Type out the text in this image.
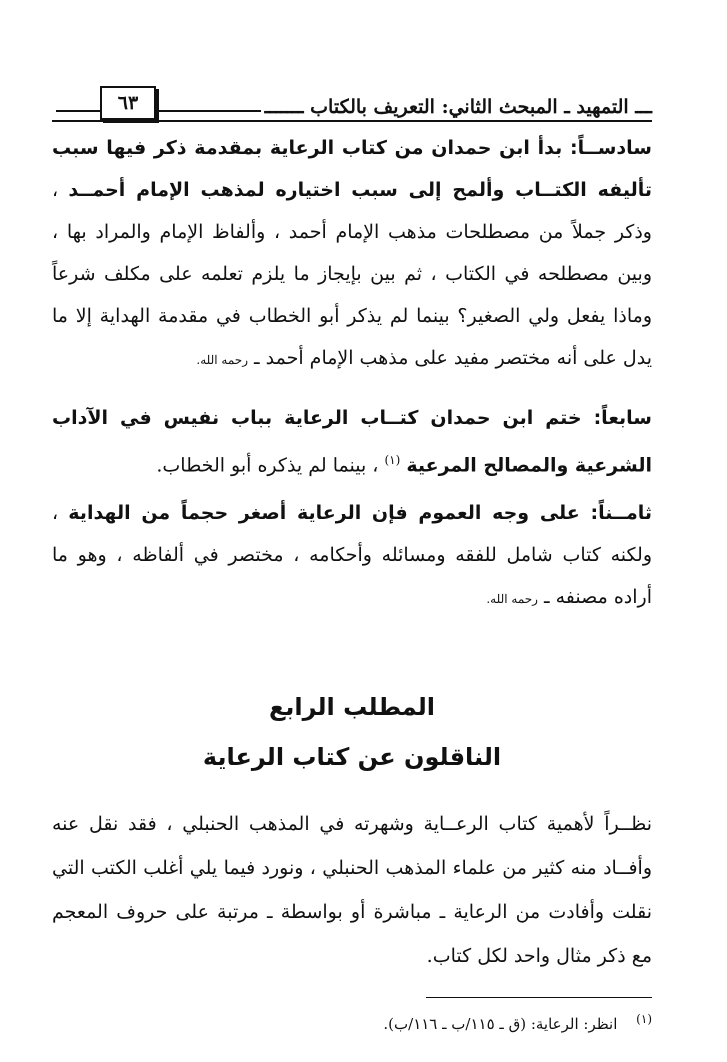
ـــ التمهيد ـ المبحث الثاني: التعريف بالكتاب ـــــــ
٦٣
سادســاً: بدأ ابن حمدان من كتاب الرعاية بمقدمة ذكر فيها سبب تأليفه الكتــاب وألمح إلى سبب اختياره لمذهب الإمام أحمــد ، وذكر جملاً من مصطلحات مذهب الإمام أحمد ، وألفاظ الإمام والمراد بها ، وبين مصطلحه في الكتاب ، ثم بين بإيجاز ما يلزم تعلمه على مكلف شرعاً وماذا يفعل ولي الصغير؟ بينما لم يذكر أبو الخطاب في مقدمة الهداية إلا ما يدل على أنه مختصر مفيد على مذهب الإمام أحمد ـ رحمه الله.
سابعاً: ختم ابن حمدان كتــاب الرعاية بباب نفيس في الآداب الشرعية والمصالح المرعية $^{(١)}$ ، بينما لم يذكره أبو الخطاب.
ثامــناً: على وجه العموم فإن الرعاية أصغر حجماً من الهداية ، ولكنه كتاب شامل للفقه ومسائله وأحكامه ، مختصر في ألفاظه ، وهو ما أراده مصنفه ـ رحمه الله.
المطلب الرابع
الناقلون عن كتاب الرعاية
نظــراً لأهمية كتاب الرعــاية وشهرته في المذهب الحنبلي ، فقد نقل عنه وأفــاد منه كثير من علماء المذهب الحنبلي ، ونورد فيما يلي أغلب الكتب التي نقلت وأفادت من الرعاية ـ مباشرة أو بواسطة ـ مرتبة على حروف المعجم مع ذكر مثال واحد لكل كتاب.
$^{(١)}$ انظر: الرعاية: (ق ـ ١١٥/ب ـ ١١٦/ب).
